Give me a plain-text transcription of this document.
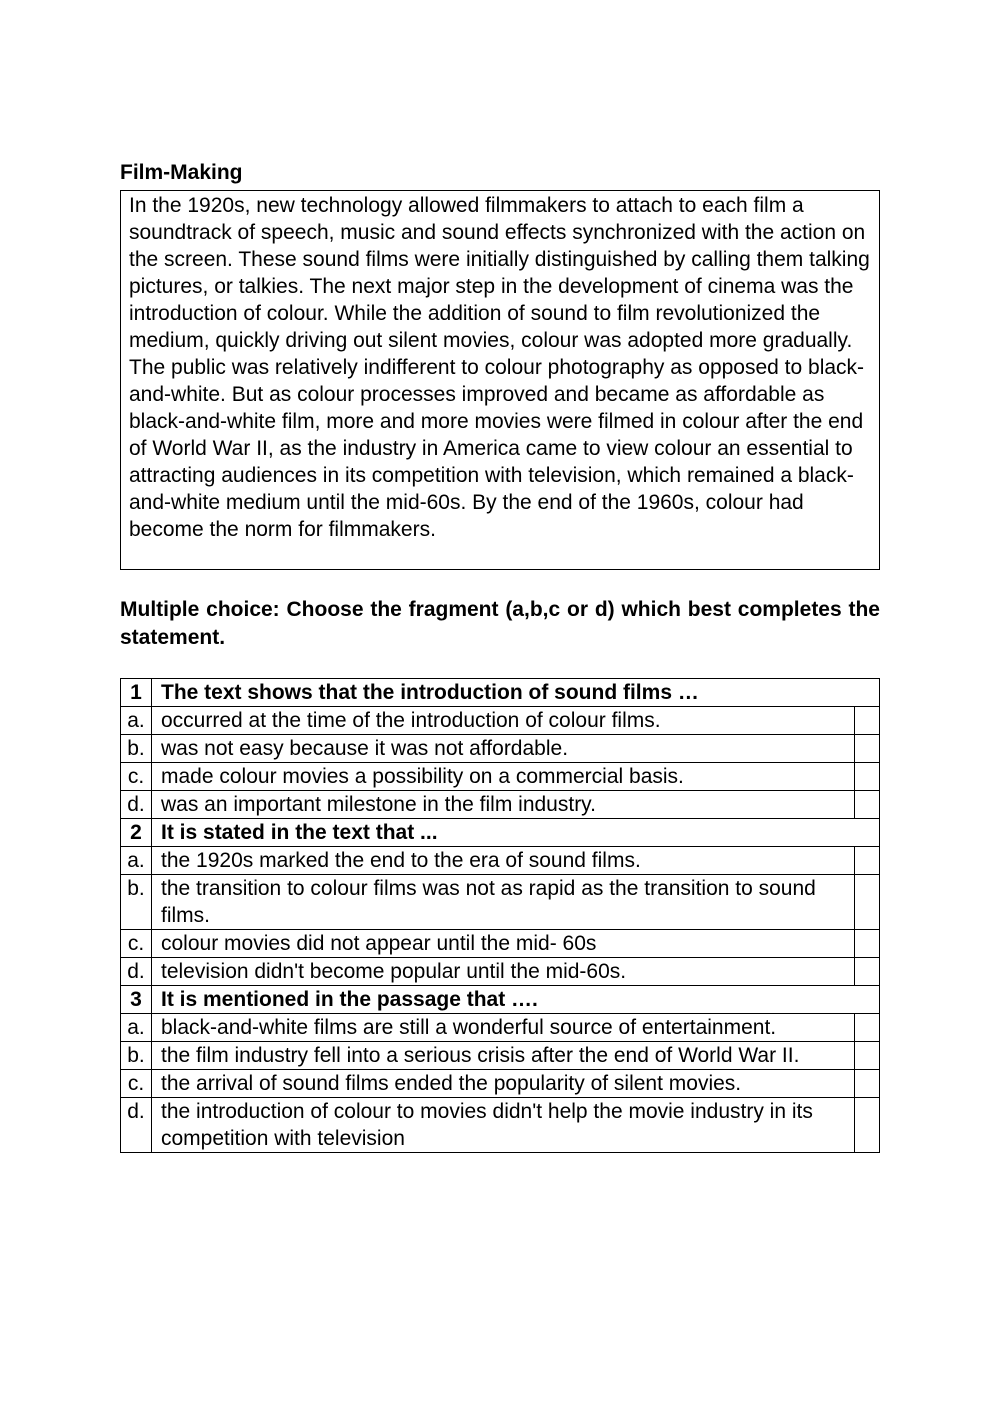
Film-Making
In the 1920s, new technology allowed filmmakers to attach to each film a soundtrack of speech, music and sound effects synchronized with the action on the screen. These sound films were initially distinguished by calling them talking pictures, or talkies. The next major step in the development of cinema was the introduction of colour. While the addition of sound to film revolutionized the medium, quickly driving out silent movies, colour was adopted more gradually. The public was relatively indifferent to colour photography as opposed to black-and-white. But as colour processes improved and became as affordable as black-and-white film, more and more movies were filmed in colour after the end of World War II, as the industry in America came to view colour an essential to attracting audiences in its competition with television, which remained a black-and-white medium until the mid-60s. By the end of the 1960s, colour had become the norm for filmmakers.
Multiple choice: Choose the fragment (a,b,c or d) which best completes the statement.
1	The text shows that the introduction of sound films …	
a.	occurred at the time of the introduction of colour films.	
b.	was not easy because it was not affordable.	
c.	made colour movies a possibility on a commercial basis.	
d.	was an important milestone in the film industry.	
2	It is stated in the text that ...	
a.	the 1920s marked the end to the era of sound films.	
b.	the transition to colour films was not as rapid as the transition to sound films.	
c.	colour movies did not appear until the mid- 60s	
d.	television didn't become popular until the mid-60s.	
3	It is mentioned in the passage that ….	
a.	black-and-white films are still a wonderful source of entertainment.	
b.	the film industry fell into a serious crisis after the end of World War II.	
c.	the arrival of sound films ended the popularity of silent movies.	
d.	the introduction of colour to movies didn't help the movie industry in its competition with television	
